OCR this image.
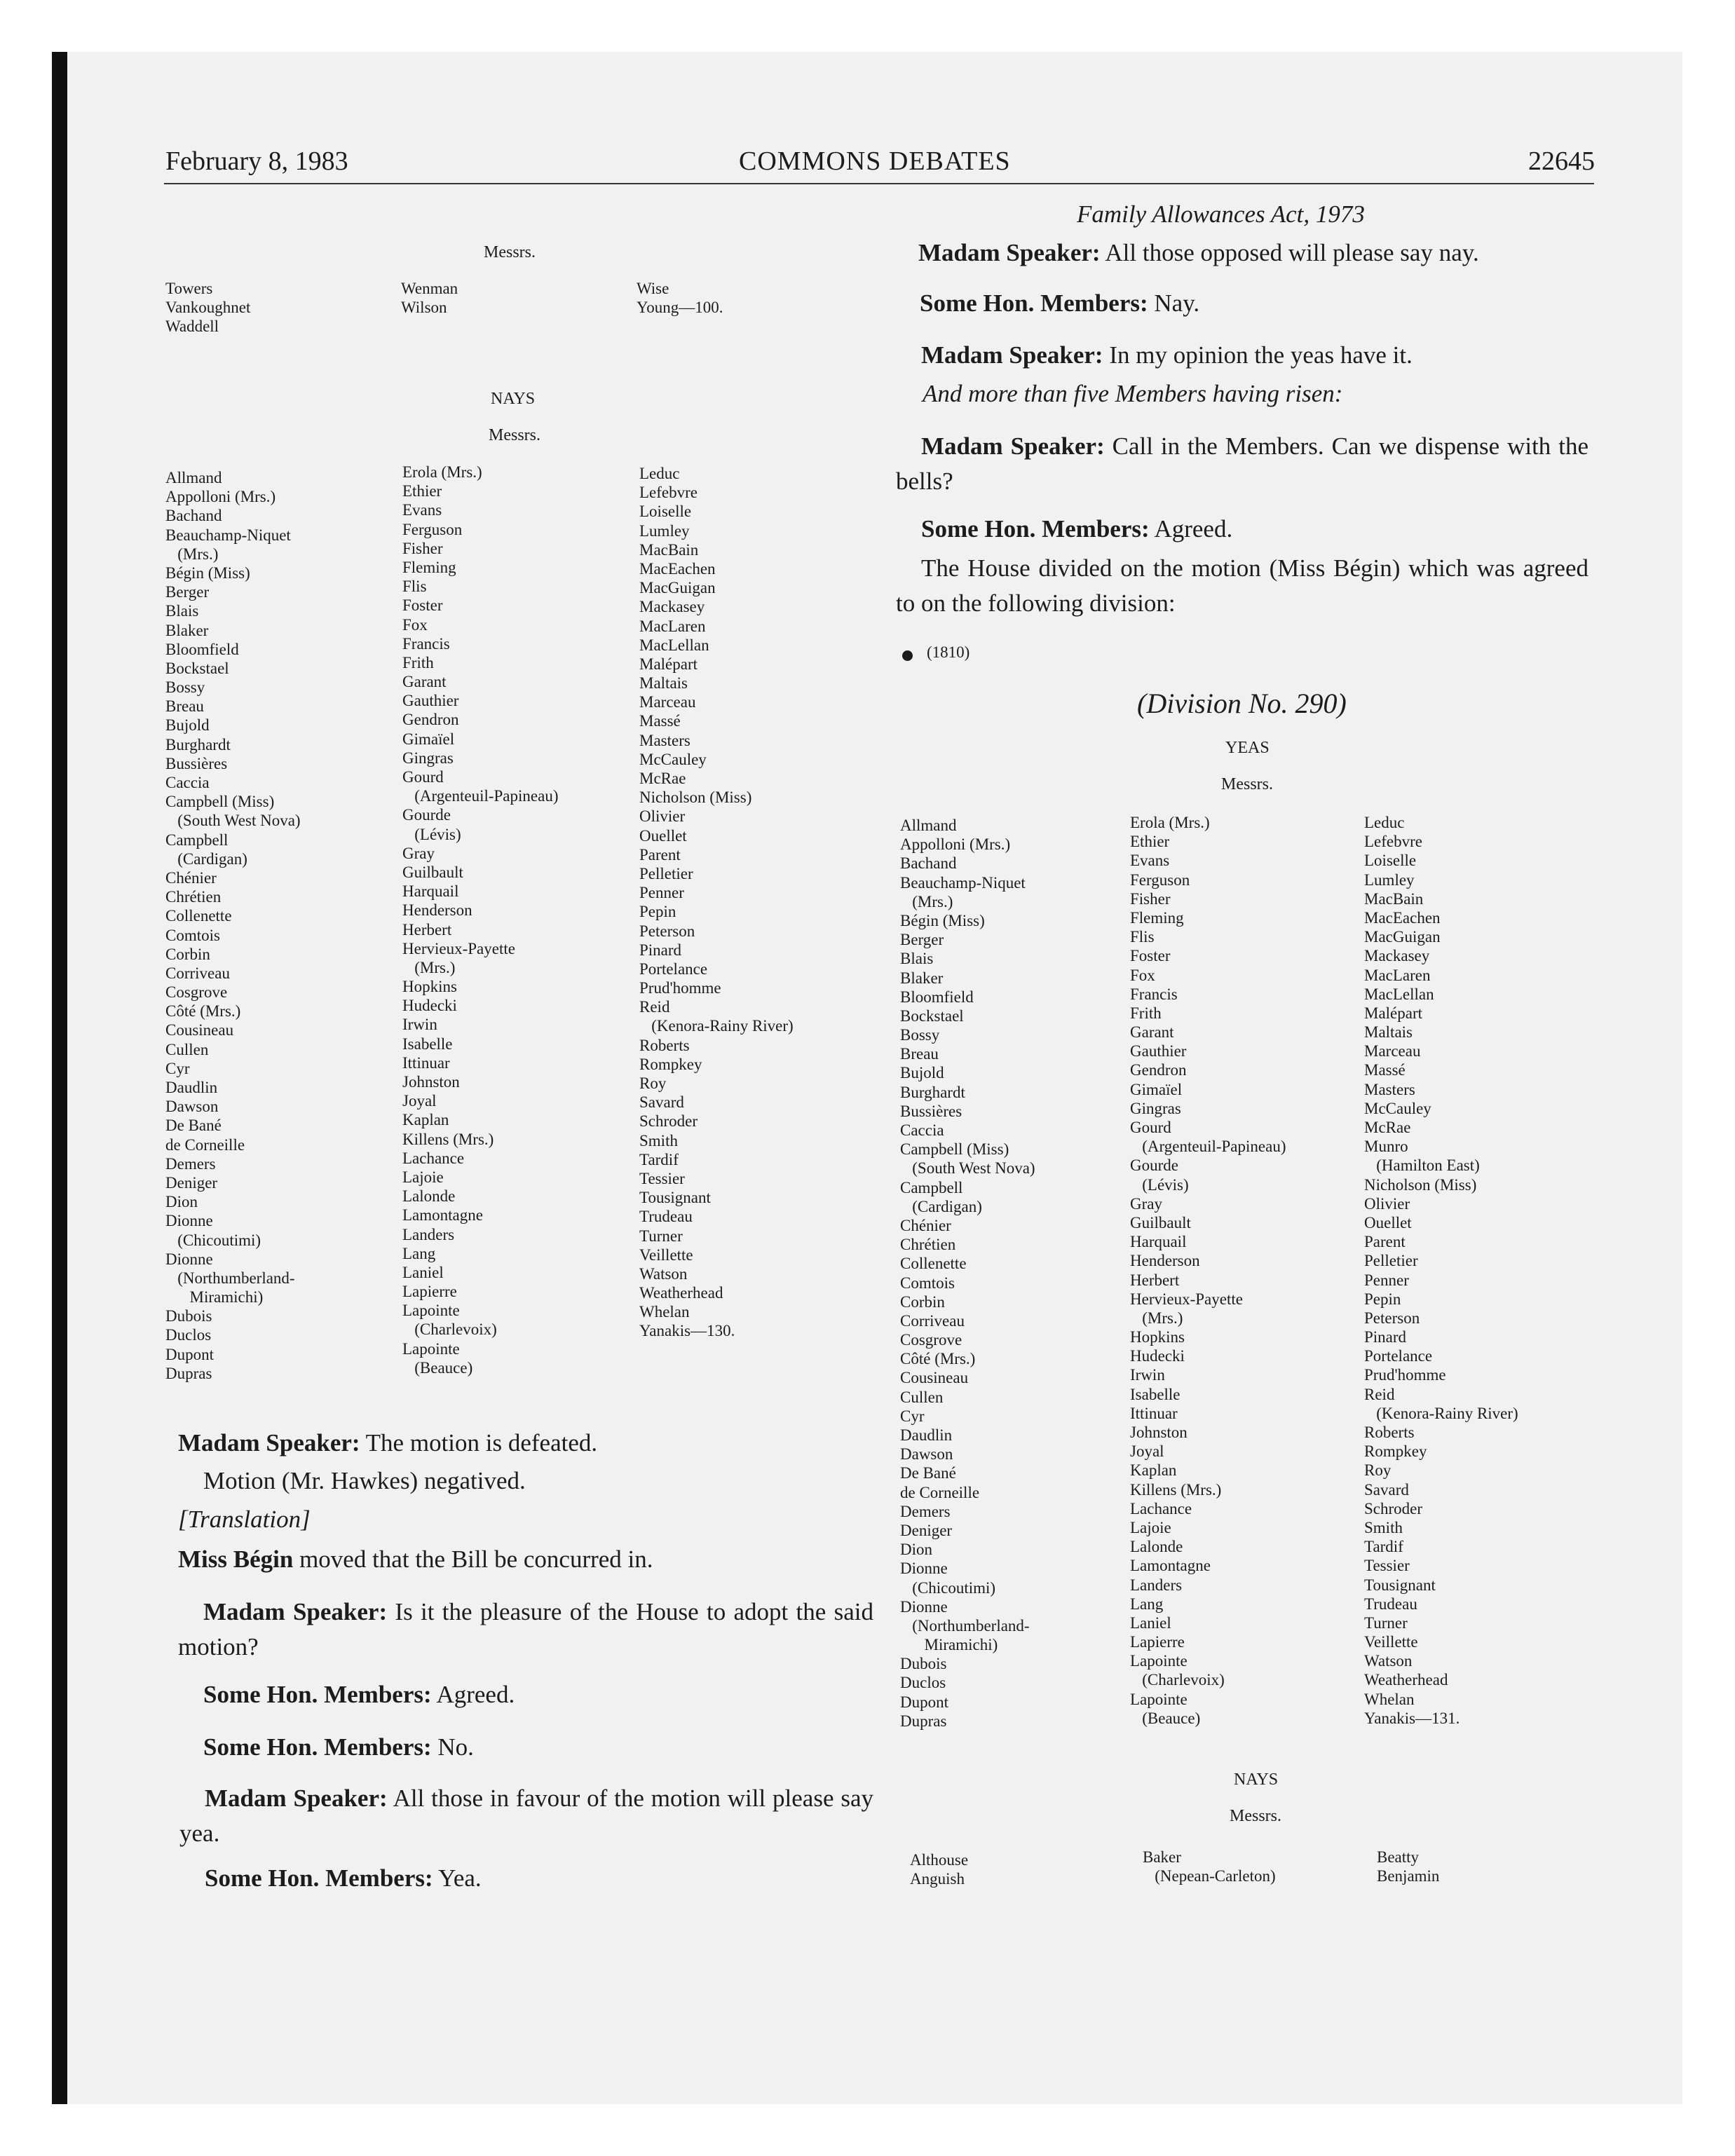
February 8, 1983	COMMONS DEBATES	22645
Messrs.
Towers
Vankoughnet
Waddell
Wenman
Wilson
Wise
Young—100.
NAYS
Messrs.
Allmand
Appolloni (Mrs.)
Bachand
Beauchamp-Niquet
(Mrs.)
Bégin (Miss)
Berger
Blais
Blaker
Bloomfield
Bockstael
Bossy
Breau
Bujold
Burghardt
Bussières
Caccia
Campbell (Miss)
(South West Nova)
Campbell
(Cardigan)
Chénier
Chrétien
Collenette
Comtois
Corbin
Corriveau
Cosgrove
Côté (Mrs.)
Cousineau
Cullen
Cyr
Daudlin
Dawson
De Bané
de Corneille
Demers
Deniger
Dion
Dionne
(Chicoutimi)
Dionne
(Northumberland-
Miramichi)
Dubois
Duclos
Dupont
Dupras
Erola (Mrs.)
Ethier
Evans
Ferguson
Fisher
Fleming
Flis
Foster
Fox
Francis
Frith
Garant
Gauthier
Gendron
Gimaïel
Gingras
Gourd
(Argenteuil-Papineau)
Gourde
(Lévis)
Gray
Guilbault
Harquail
Henderson
Herbert
Hervieux-Payette
(Mrs.)
Hopkins
Hudecki
Irwin
Isabelle
Ittinuar
Johnston
Joyal
Kaplan
Killens (Mrs.)
Lachance
Lajoie
Lalonde
Lamontagne
Landers
Lang
Laniel
Lapierre
Lapointe
(Charlevoix)
Lapointe
(Beauce)
Leduc
Lefebvre
Loiselle
Lumley
MacBain
MacEachen
MacGuigan
Mackasey
MacLaren
MacLellan
Malépart
Maltais
Marceau
Massé
Masters
McCauley
McRae
Nicholson (Miss)
Olivier
Ouellet
Parent
Pelletier
Penner
Pepin
Peterson
Pinard
Portelance
Prud'homme
Reid
(Kenora-Rainy River)
Roberts
Rompkey
Roy
Savard
Schroder
Smith
Tardif
Tessier
Tousignant
Trudeau
Turner
Veillette
Watson
Weatherhead
Whelan
Yanakis—130.
Madam Speaker: The motion is defeated.
Motion (Mr. Hawkes) negatived.
[Translation]
Miss Bégin moved that the Bill be concurred in.
Madam Speaker: Is it the pleasure of the House to adopt the said motion?
Some Hon. Members: Agreed.
Some Hon. Members: No.
Madam Speaker: All those in favour of the motion will please say yea.
Some Hon. Members: Yea.
Family Allowances Act, 1973
Madam Speaker: All those opposed will please say nay.
Some Hon. Members: Nay.
Madam Speaker: In my opinion the yeas have it.
And more than five Members having risen:
Madam Speaker: Call in the Members. Can we dispense with the bells?
Some Hon. Members: Agreed.
The House divided on the motion (Miss Bégin) which was agreed to on the following division:
(1810)
(Division No. 290)
YEAS
Messrs.
Allmand
Appolloni (Mrs.)
Bachand
Beauchamp-Niquet
(Mrs.)
Bégin (Miss)
Berger
Blais
Blaker
Bloomfield
Bockstael
Bossy
Breau
Bujold
Burghardt
Bussières
Caccia
Campbell (Miss)
(South West Nova)
Campbell
(Cardigan)
Chénier
Chrétien
Collenette
Comtois
Corbin
Corriveau
Cosgrove
Côté (Mrs.)
Cousineau
Cullen
Cyr
Daudlin
Dawson
De Bané
de Corneille
Demers
Deniger
Dion
Dionne
(Chicoutimi)
Dionne
(Northumberland-
Miramichi)
Dubois
Duclos
Dupont
Dupras
Erola (Mrs.)
Ethier
Evans
Ferguson
Fisher
Fleming
Flis
Foster
Fox
Francis
Frith
Garant
Gauthier
Gendron
Gimaïel
Gingras
Gourd
(Argenteuil-Papineau)
Gourde
(Lévis)
Gray
Guilbault
Harquail
Henderson
Herbert
Hervieux-Payette
(Mrs.)
Hopkins
Hudecki
Irwin
Isabelle
Ittinuar
Johnston
Joyal
Kaplan
Killens (Mrs.)
Lachance
Lajoie
Lalonde
Lamontagne
Landers
Lang
Laniel
Lapierre
Lapointe
(Charlevoix)
Lapointe
(Beauce)
Leduc
Lefebvre
Loiselle
Lumley
MacBain
MacEachen
MacGuigan
Mackasey
MacLaren
MacLellan
Malépart
Maltais
Marceau
Massé
Masters
McCauley
McRae
Munro
(Hamilton East)
Nicholson (Miss)
Olivier
Ouellet
Parent
Pelletier
Penner
Pepin
Peterson
Pinard
Portelance
Prud'homme
Reid
(Kenora-Rainy River)
Roberts
Rompkey
Roy
Savard
Schroder
Smith
Tardif
Tessier
Tousignant
Trudeau
Turner
Veillette
Watson
Weatherhead
Whelan
Yanakis—131.
NAYS
Messrs.
Althouse
Anguish
Baker
(Nepean-Carleton)
Beatty
Benjamin
